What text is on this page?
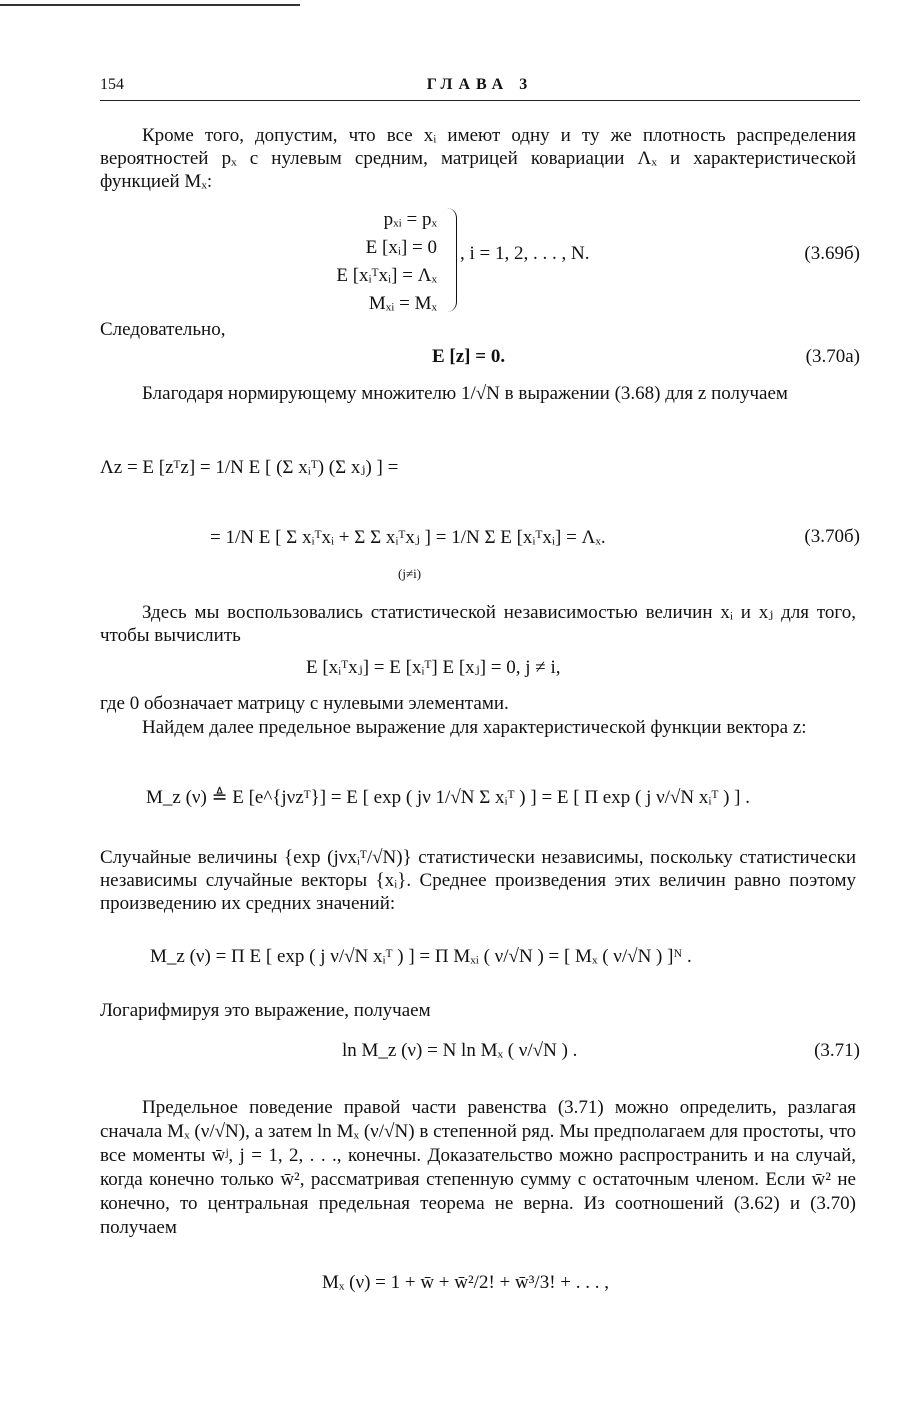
154	ГЛАВА 3
Кроме того, допустим, что все xᵢ имеют одну и ту же плотность распределения вероятностей pₓ с нулевым средним, матрицей ковариации Λₓ и характеристической функцией Mₓ:
pₓᵢ = pₓ
E [xᵢ] = 0
E [xᵢᵀxᵢ] = Λₓ
Mₓᵢ = Mₓ
, i = 1, 2, . . . , N.	(3.69б)
Следовательно,
E [z] = 0.	(3.70а)
Благодаря нормирующему множителю 1/√N в выражении (3.68) для z получаем
Λz = E [zᵀz] = 1/N E [ (Σ xᵢᵀ) (Σ xⱼ) ] =
= 1/N E [ Σ xᵢᵀxᵢ + Σ Σ xᵢᵀxⱼ ] = 1/N Σ E [xᵢᵀxᵢ] = Λₓ.
(j≠i)
(3.70б)
Здесь мы воспользовались статистической независимостью величин xᵢ и xⱼ для того, чтобы вычислить
E [xᵢᵀxⱼ] = E [xᵢᵀ] E [xⱼ] = 0, j ≠ i,
где 0 обозначает матрицу с нулевыми элементами.
Найдем далее предельное выражение для характеристической функции вектора z:
M_z (ν) ≜ E [e^{jνzᵀ}] = E [ exp ( jν 1/√N Σ xᵢᵀ ) ] = E [ Π exp ( j ν/√N xᵢᵀ ) ] .
Случайные величины {exp (jνxᵢᵀ/√N)} статистически независимы, поскольку статистически независимы случайные векторы {xᵢ}. Среднее произведения этих величин равно поэтому произведению их средних значений:
M_z (ν) = Π E [ exp ( j ν/√N xᵢᵀ ) ] = Π Mₓᵢ ( ν/√N ) = [ Mₓ ( ν/√N ) ]ᴺ .
Логарифмируя это выражение, получаем
ln M_z (ν) = N ln Mₓ ( ν/√N ) .	(3.71)
Предельное поведение правой части равенства (3.71) можно определить, разлагая сначала Mₓ (ν/√N), а затем ln Mₓ (ν/√N) в степенной ряд. Мы предполагаем для простоты, что все моменты w̄ʲ, j = 1, 2, . . ., конечны. Доказательство можно распространить и на случай, когда конечно только w̄², рассматривая степенную сумму с остаточным членом. Если w̄² не конечно, то центральная предельная теорема не верна. Из соотношений (3.62) и (3.70) получаем
Mₓ (ν) = 1 + w̄ + w̄²/2! + w̄³/3! + . . . ,
